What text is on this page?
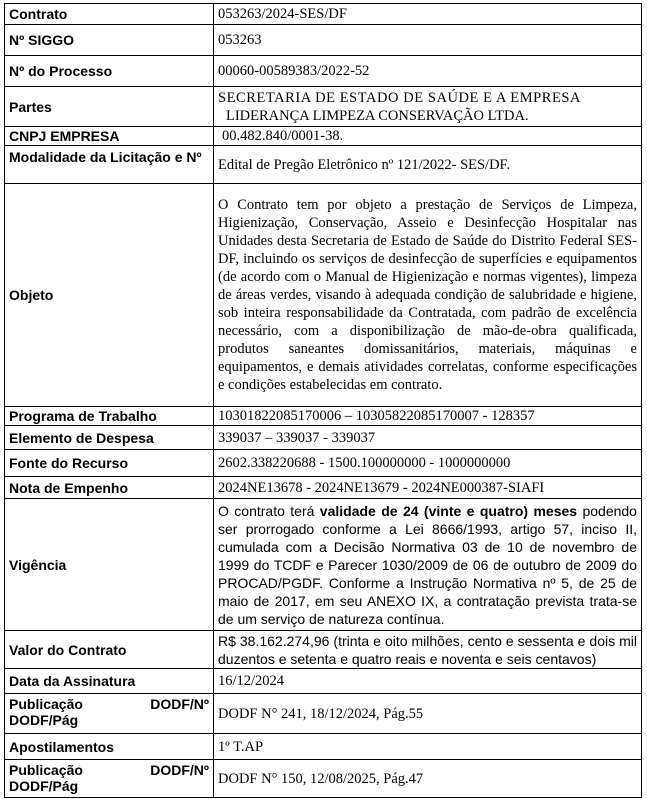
Contrato	053263/2024-SES/DF
Nº SIGGO	053263
Nº do Processo	00060-00589383/2022-52
Partes	SECRETARIA DE ESTADO DE SAÚDE E A EMPRESA
LIDERANÇA LIMPEZA CONSERVAÇÃO LTDA.

CNPJ EMPRESA	00.482.840/0001-38.
Modalidade da Licitação e Nº	Edital de Pregão Eletrônico nº 121/2022- SES/DF.
Objeto	O Contrato tem por objeto a prestação de Serviços de Limpeza, Higienização, Conservação, Asseio e Desinfecção Hospitalar nas Unidades desta Secretaria de Estado de Saúde do Distrito Federal SES-DF, incluindo os serviços de desinfecção de superfícies e equipamentos (de acordo com o Manual de Higienização e normas vigentes), limpeza de áreas verdes, visando à adequada condição de salubridade e higiene, sob inteira responsabilidade da Contratada, com padrão de excelência necessário, com a disponibilização de mão-de-obra qualificada, produtos saneantes domissanitários, materiais, máquinas e equipamentos, e demais atividades correlatas, conforme especificações e condições estabelecidas em contrato.
Programa de Trabalho	10301822085170006 – 10305822085170007 - 128357
Elemento de Despesa	339037 – 339037 - 339037
Fonte do Recurso	2602.338220688 - 1500.100000000 - 1000000000
Nota de Empenho	2024NE13678 - 2024NE13679 - 2024NE000387-SIAFI
Vigência	O contrato terá validade de 24 (vinte e quatro) meses podendo ser prorrogado conforme a Lei 8666/1993, artigo 57, inciso II, cumulada com a Decisão Normativa 03 de 10 de novembro de 1999 do TCDF e Parecer 1030/2009 de 06 de outubro de 2009 do PROCAD/PGDF. Conforme a Instrução Normativa nº 5, de 25 de maio de 2017, em seu ANEXO IX, a contratação prevista trata-se de um serviço de natureza contínua.
Valor do Contrato	R$ 38.162.274,96 (trinta e oito milhões, cento e sessenta e dois mil duzentos e setenta e quatro reais e noventa e seis centavos)
Data da Assinatura	16/12/2024

Publicação DODF/Nº
DODF/Pág	DODF N° 241, 18/12/2024, Pág.55
Apostilamentos	1º T.AP

Publicação DODF/Nº
DODF/Pág	DODF N° 150, 12/08/2025, Pág.47
